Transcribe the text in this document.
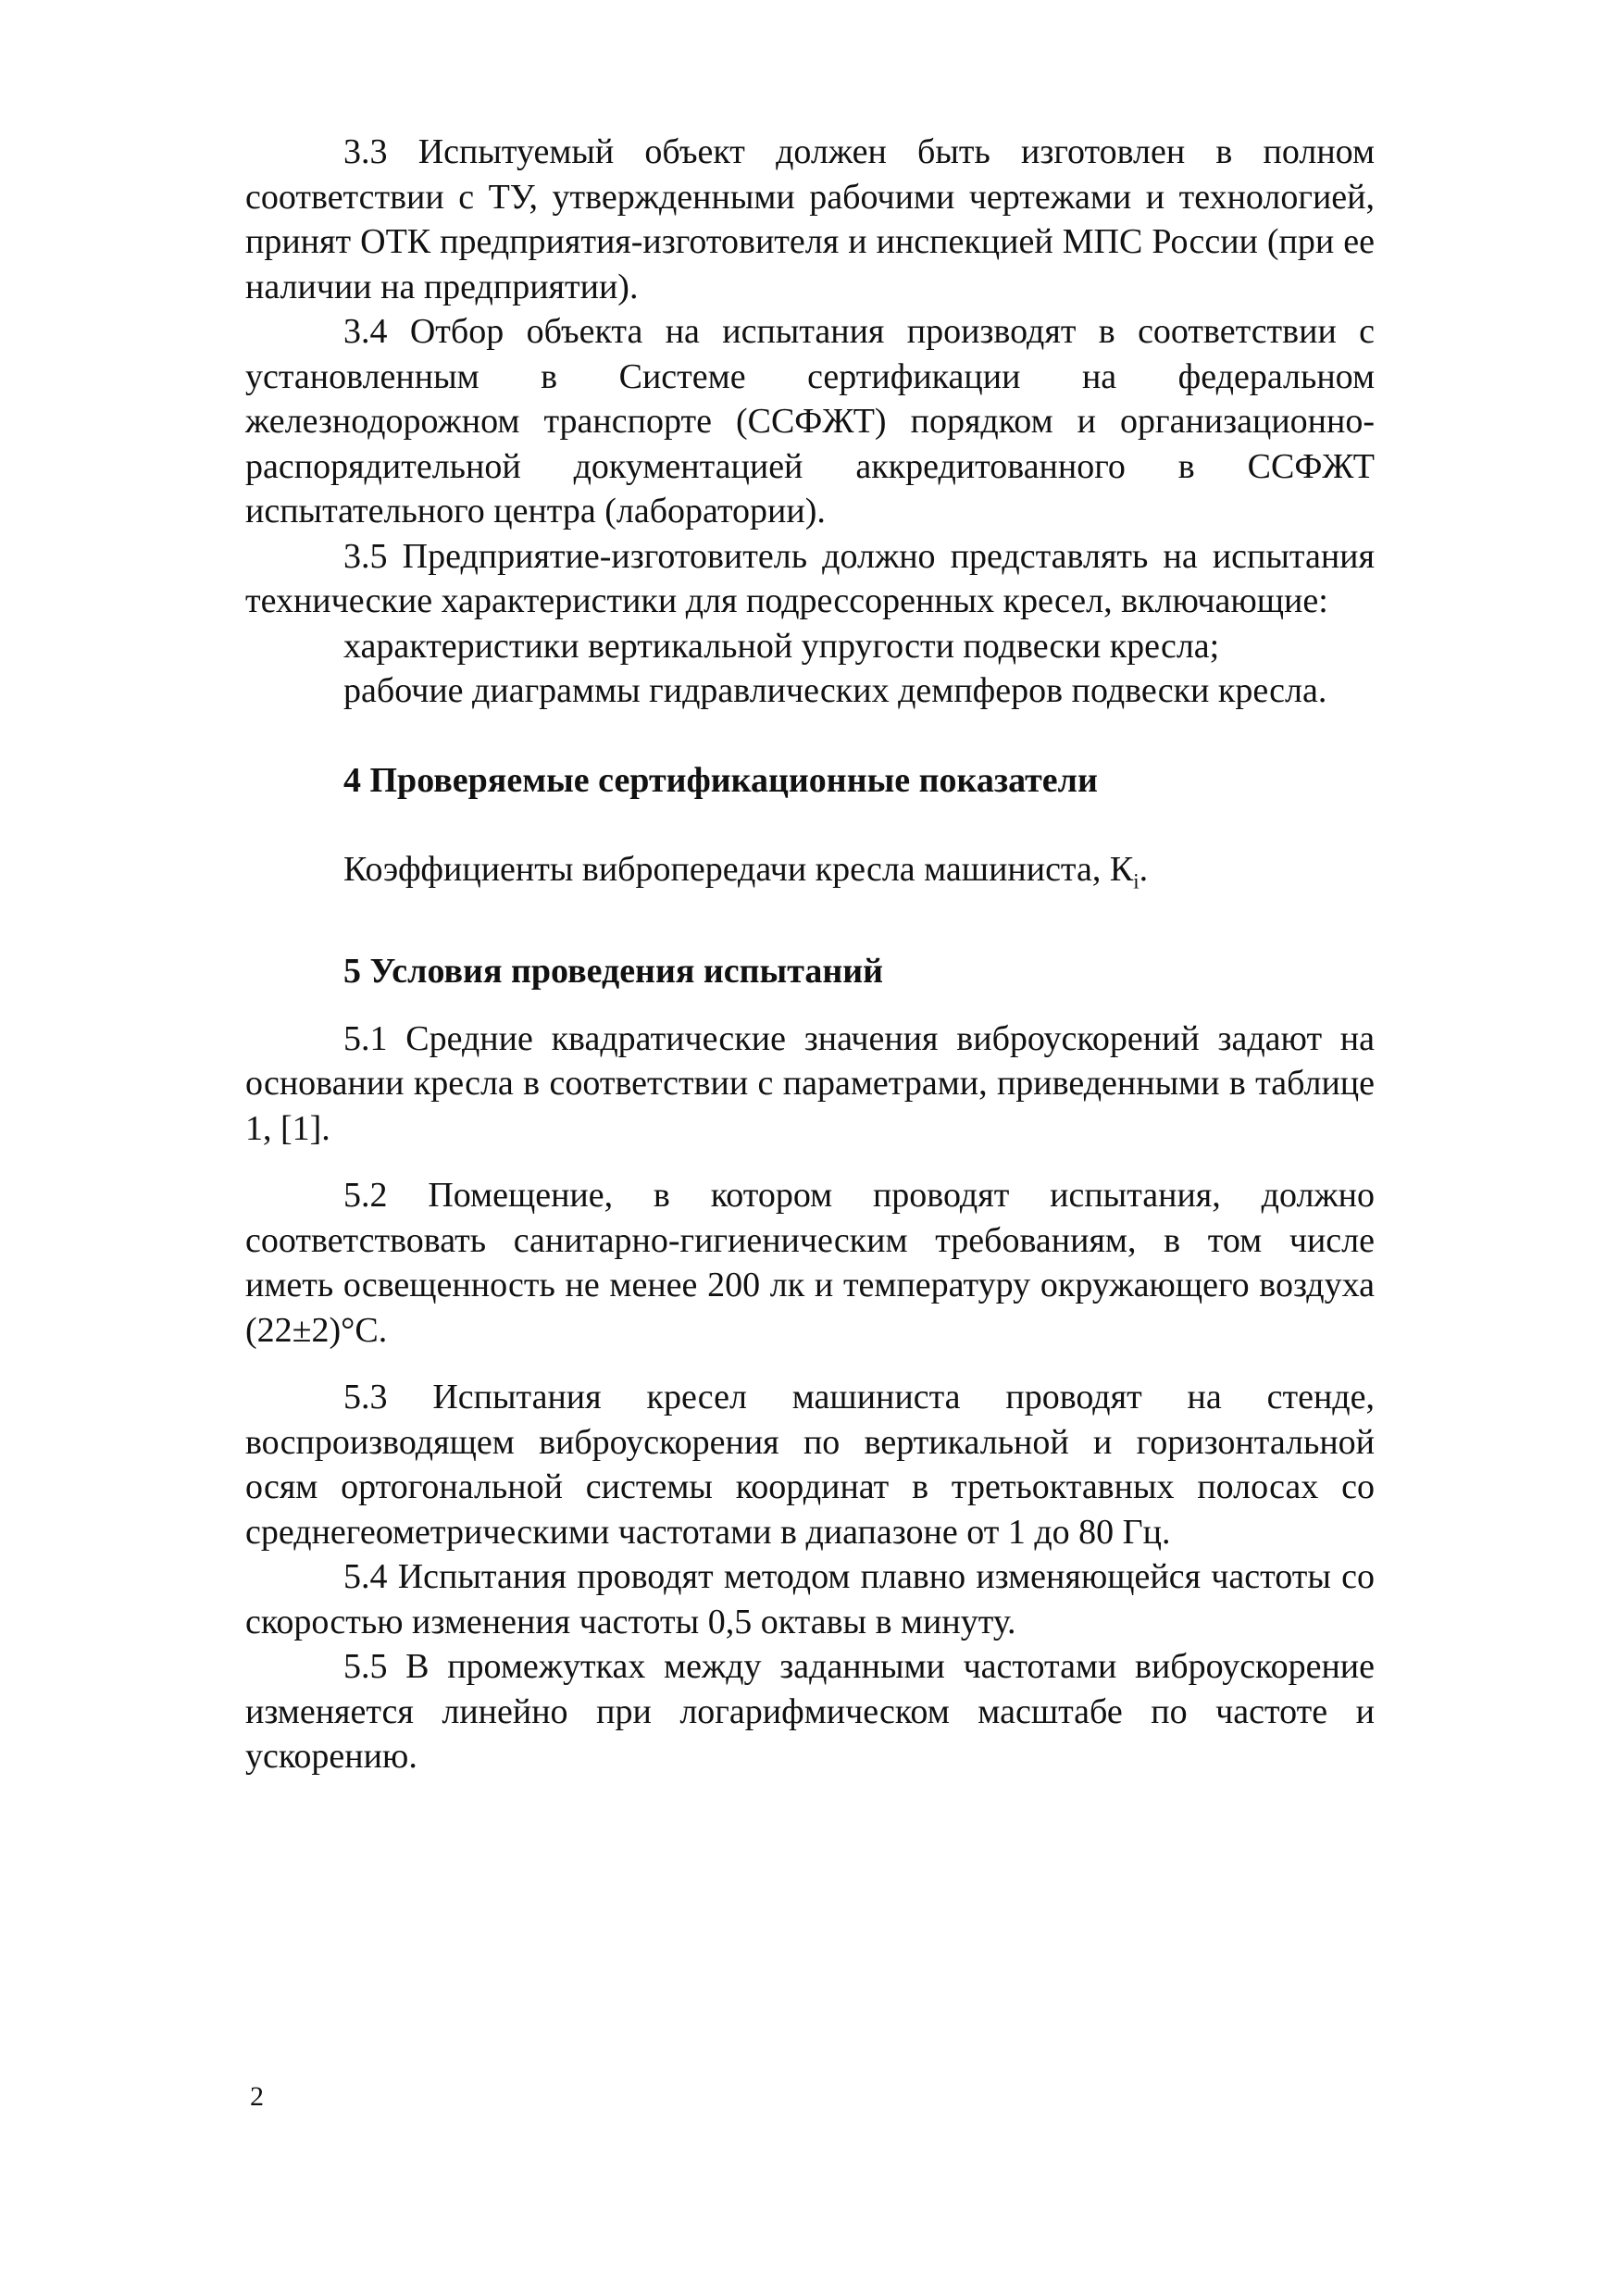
3.3 Испытуемый объект должен быть изготовлен в полном соответствии с ТУ, утвержденными рабочими чертежами и технологией, принят ОТК предприятия-изготовителя и инспекцией МПС России (при ее наличии на предприятии).

3.4 Отбор объекта на испытания производят в соответствии с установленным в Системе сертификации на федеральном железнодорожном транспорте (ССФЖТ) порядком и организационно-распорядительной документацией аккредитованного в ССФЖТ испытательного центра (лаборатории).

3.5 Предприятие-изготовитель должно представлять на испытания технические характеристики для подрессоренных кресел, включающие:

характеристики вертикальной упругости подвески кресла;

рабочие диаграммы гидравлических демпферов подвески кресла.

4 Проверяемые сертификационные показатели

Коэффициенты вибропередачи кресла машиниста, $К_i$.

5 Условия проведения испытаний

5.1 Средние квадратические значения виброускорений задают на основании кресла в соответствии с параметрами, приведенными в таблице 1, [1].

5.2 Помещение, в котором проводят испытания, должно соответствовать санитарно-гигиеническим требованиям, в том числе иметь освещенность не менее 200 лк и температуру окружающего воздуха (22±2)°С.

5.3 Испытания кресел машиниста проводят на стенде, воспроизводящем виброускорения по вертикальной и горизонтальной осям ортогональной системы координат в третьоктавных полосах со среднегеометрическими частотами в диапазоне от 1 до 80 Гц.

5.4 Испытания проводят методом плавно изменяющейся частоты со скоростью изменения частоты 0,5 октавы в минуту.

5.5 В промежутках между заданными частотами виброускорение изменяется линейно при логарифмическом масштабе по частоте и ускорению.

2
